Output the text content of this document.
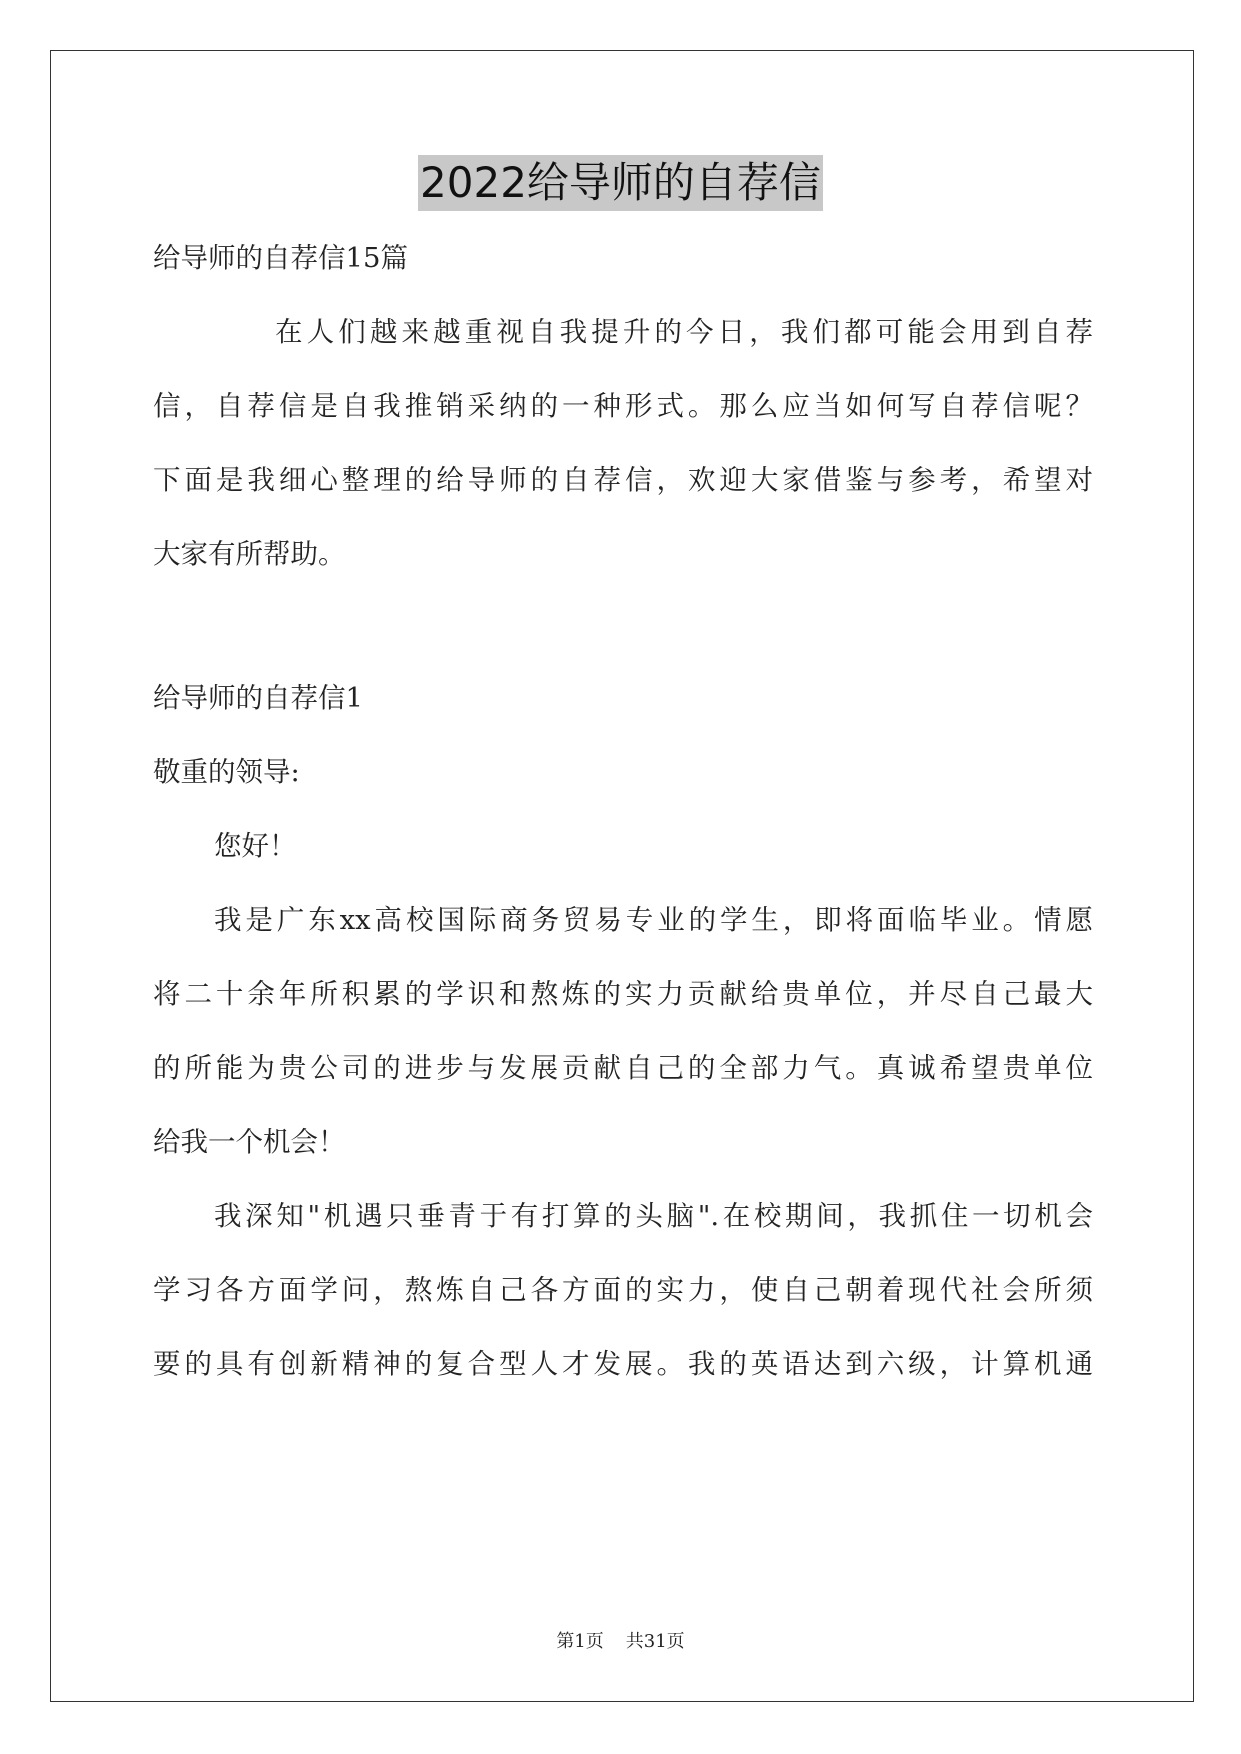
2022给导师的自荐信
给导师的自荐信15篇
在人们越来越重视自我提升的今日，我们都可能会用到自荐
信，自荐信是自我推销采纳的一种形式。那么应当如何写自荐信呢？
下面是我细心整理的给导师的自荐信，欢迎大家借鉴与参考，希望对
大家有所帮助。
给导师的自荐信1
敬重的领导:
您好！
我是广东xx高校国际商务贸易专业的学生，即将面临毕业。情愿
将二十余年所积累的学识和熬炼的实力贡献给贵单位，并尽自己最大
的所能为贵公司的进步与发展贡献自己的全部力气。真诚希望贵单位
给我一个机会！
我深知"机遇只垂青于有打算的头脑".在校期间，我抓住一切机会
学习各方面学问，熬炼自己各方面的实力，使自己朝着现代社会所须
要的具有创新精神的复合型人才发展。我的英语达到六级，计算机通
第1页 共31页
